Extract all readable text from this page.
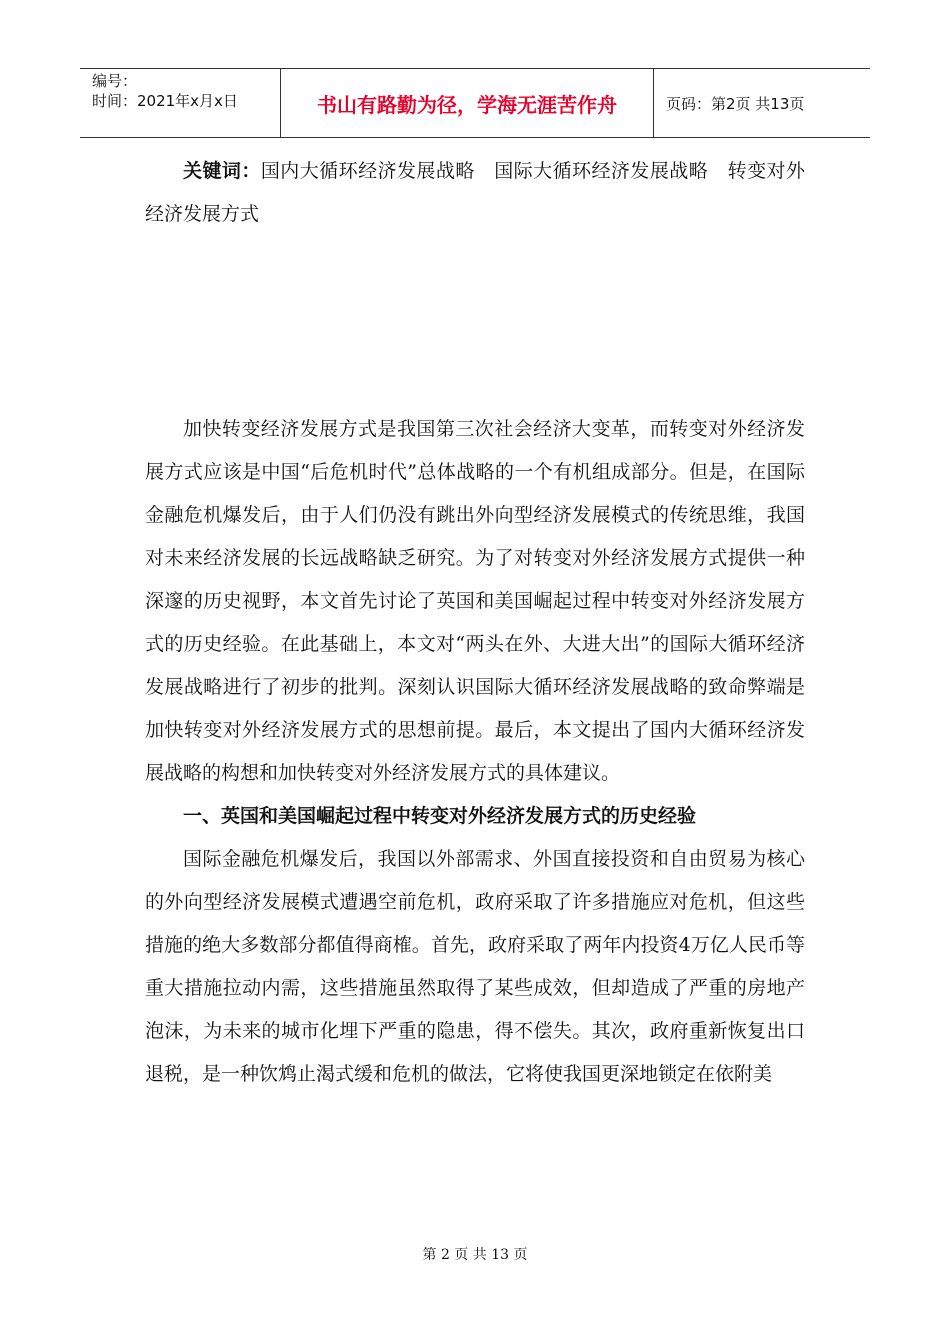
编号：
时间：2021年x月x日	书山有路勤为径，学海无涯苦作舟	页码：第2页 共13页

关键词：国内大循环经济发展战略　国际大循环经济发展战略　转变对外经济发展方式

加快转变经济发展方式是我国第三次社会经济大变革，而转变对外经济发展方式应该是中国“后危机时代”总体战略的一个有机组成部分。但是，在国际金融危机爆发后，由于人们仍没有跳出外向型经济发展模式的传统思维，我国对未来经济发展的长远战略缺乏研究。为了对转变对外经济发展方式提供一种深邃的历史视野，本文首先讨论了英国和美国崛起过程中转变对外经济发展方式的历史经验。在此基础上，本文对“两头在外、大进大出”的国际大循环经济发展战略进行了初步的批判。深刻认识国际大循环经济发展战略的致命弊端是加快转变对外经济发展方式的思想前提。最后，本文提出了国内大循环经济发展战略的构想和加快转变对外经济发展方式的具体建议。

一、英国和美国崛起过程中转变对外经济发展方式的历史经验

国际金融危机爆发后，我国以外部需求、外国直接投资和自由贸易为核心的外向型经济发展模式遭遇空前危机，政府采取了许多措施应对危机，但这些措施的绝大多数部分都值得商榷。首先，政府采取了两年内投资4万亿人民币等重大措施拉动内需，这些措施虽然取得了某些成效，但却造成了严重的房地产泡沫，为未来的城市化埋下严重的隐患，得不偿失。其次，政府重新恢复出口退税，是一种饮鸩止渴式缓和危机的做法，它将使我国更深地锁定在依附美

第 2 页 共 13 页
